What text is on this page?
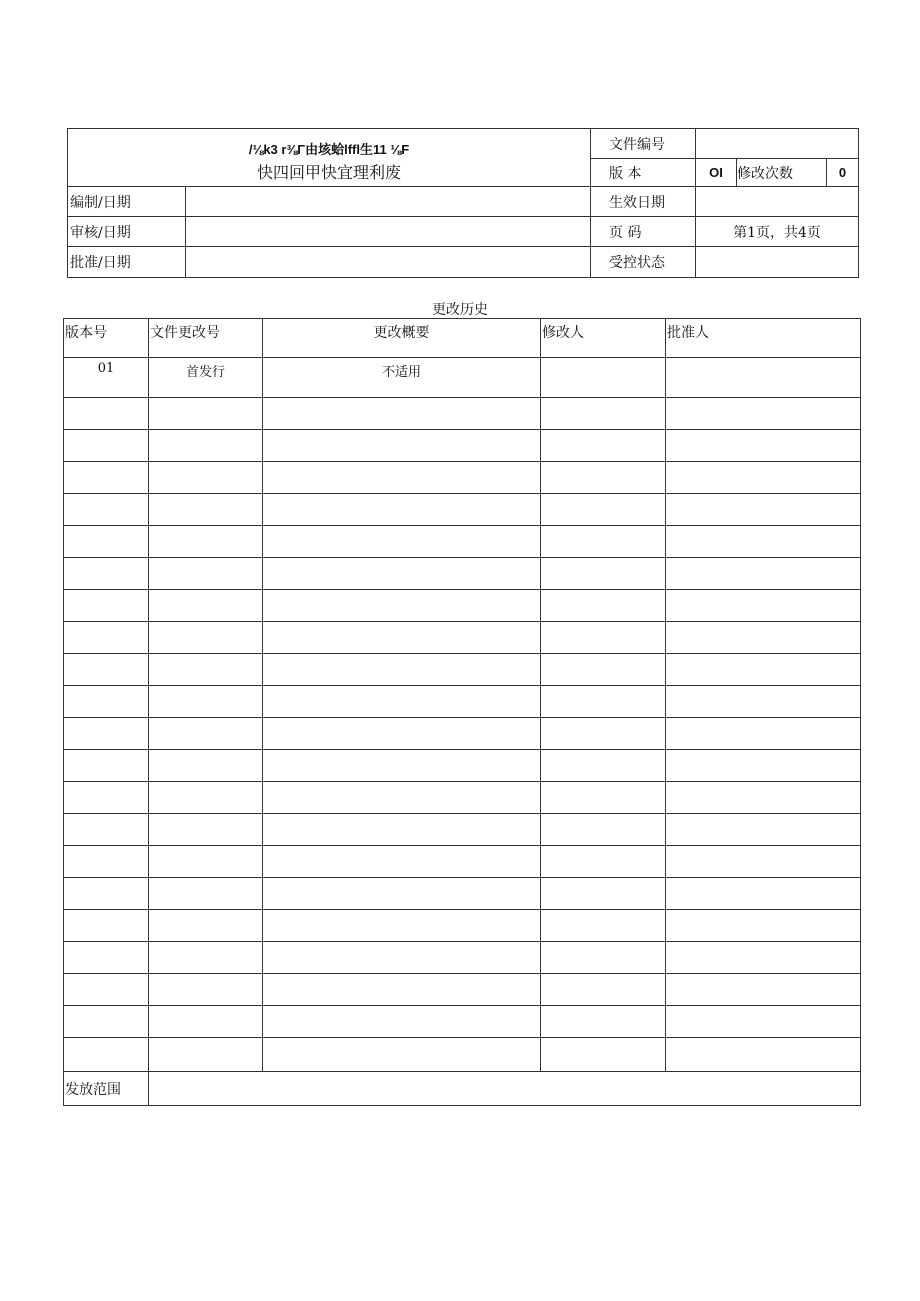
/⅛k3 r⅜Γ由垓蛤lffl生11 ⅛F
快四回甲快宜理利废		文件编号			
		版 本	OI	修改次数	0
编制/日期		生效日期			
审核/日期		页 码	第1页，共4页		
批准/日期		受控状态			
更改历史
版本号	文件更改号	更改概要	修改人	批准人
01	首发行	不适用		

发放范围				
